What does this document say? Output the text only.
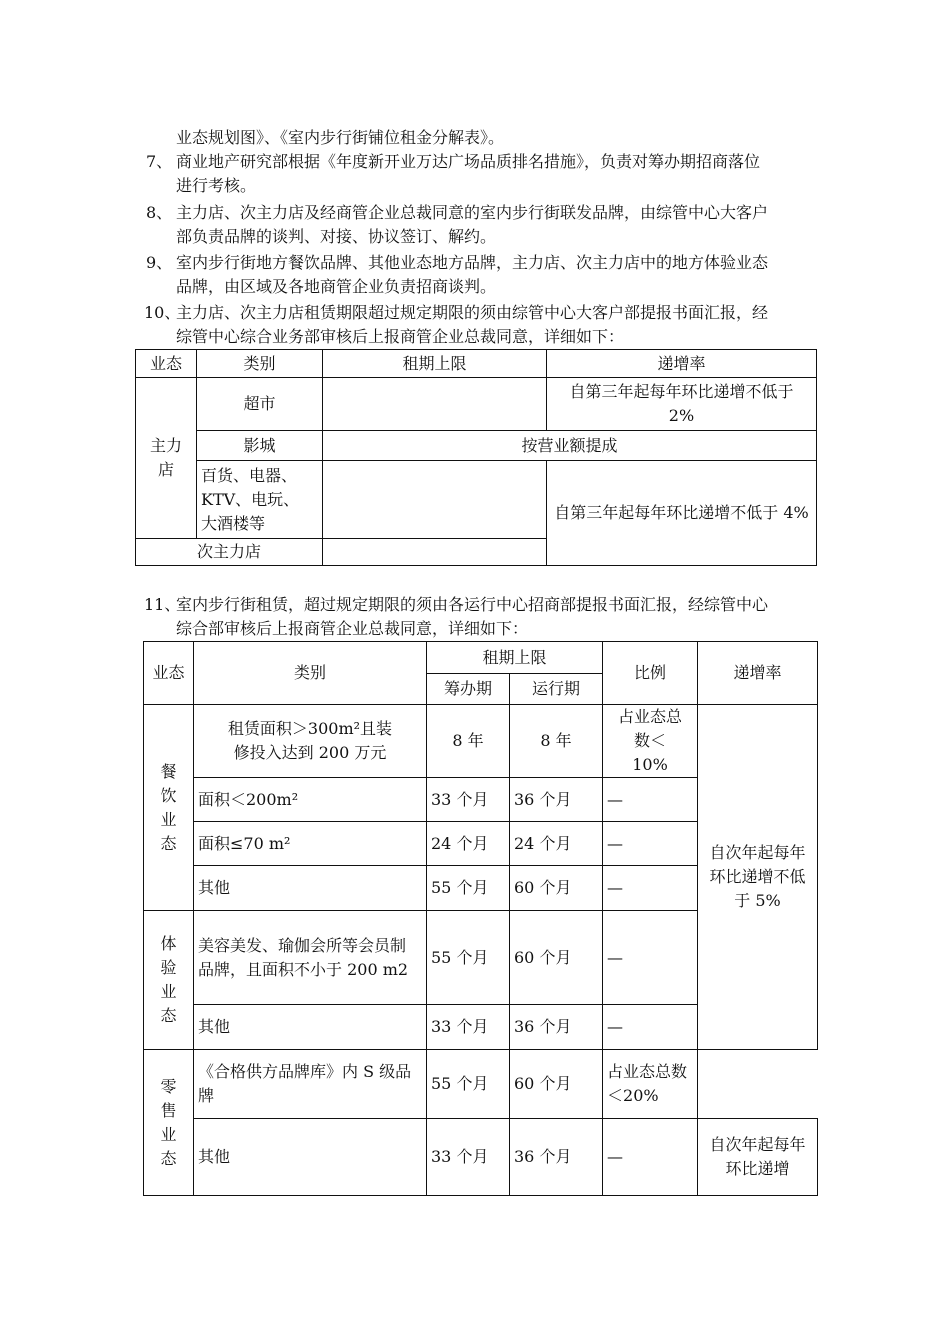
业态规划图》、《室内步行街铺位租金分解表》。

7、 商业地产研究部根据《年度新开业万达广场品质排名措施》，负责对筹办期招商落位

进行考核。

8、 主力店、次主力店及经商管企业总裁同意的室内步行街联发品牌，由综管中心大客户

部负责品牌的谈判、对接、协议签订、解约。

9、 室内步行街地方餐饮品牌、其他业态地方品牌，主力店、次主力店中的地方体验业态

品牌，由区域及各地商管企业负责招商谈判。

10、

主力店、次主力店租赁期限超过规定期限的须由综管中心大客户部提报书面汇报，经

综管中心综合业务部审核后上报商管企业总裁同意，详细如下：

业态	类别	租期上限	递增率

主力店	超市		自第三年起每年环比递增不低于2%

	影城	按营业额提成	

	百货、电器、KTV、电玩、大酒楼等		自第三年起每年环比递增不低于 4%
次主力店			
11、

室内步行街租赁，超过规定期限的须由各运行中心招商部提报书面汇报，经综管中心

综合部审核后上报商管企业总裁同意，详细如下：

业态	类别	租期上限		比例	递增率
		筹办期	运行期		

餐饮业态	租赁面积＞300m²且装修投入达到 200 万元	8 年	8 年	占业态总数＜10%	自次年起每年环比递增不低于 5%

	面积＜200m²	33 个月	36 个月	—	
	面积≤70 m²	24 个月	24 个月	—	
	其他	55 个月	60 个月	—	

体验业态	美容美发、瑜伽会所等会员制品牌，且面积不小于 200 m2	55 个月	60 个月	—	
	其他	33 个月	36 个月	—	

零售业态	《合格供方品牌库》内 S 级品牌	55 个月	60 个月	占业态总数＜20%	

	其他	33 个月	36 个月	—	自次年起每年环比递增
